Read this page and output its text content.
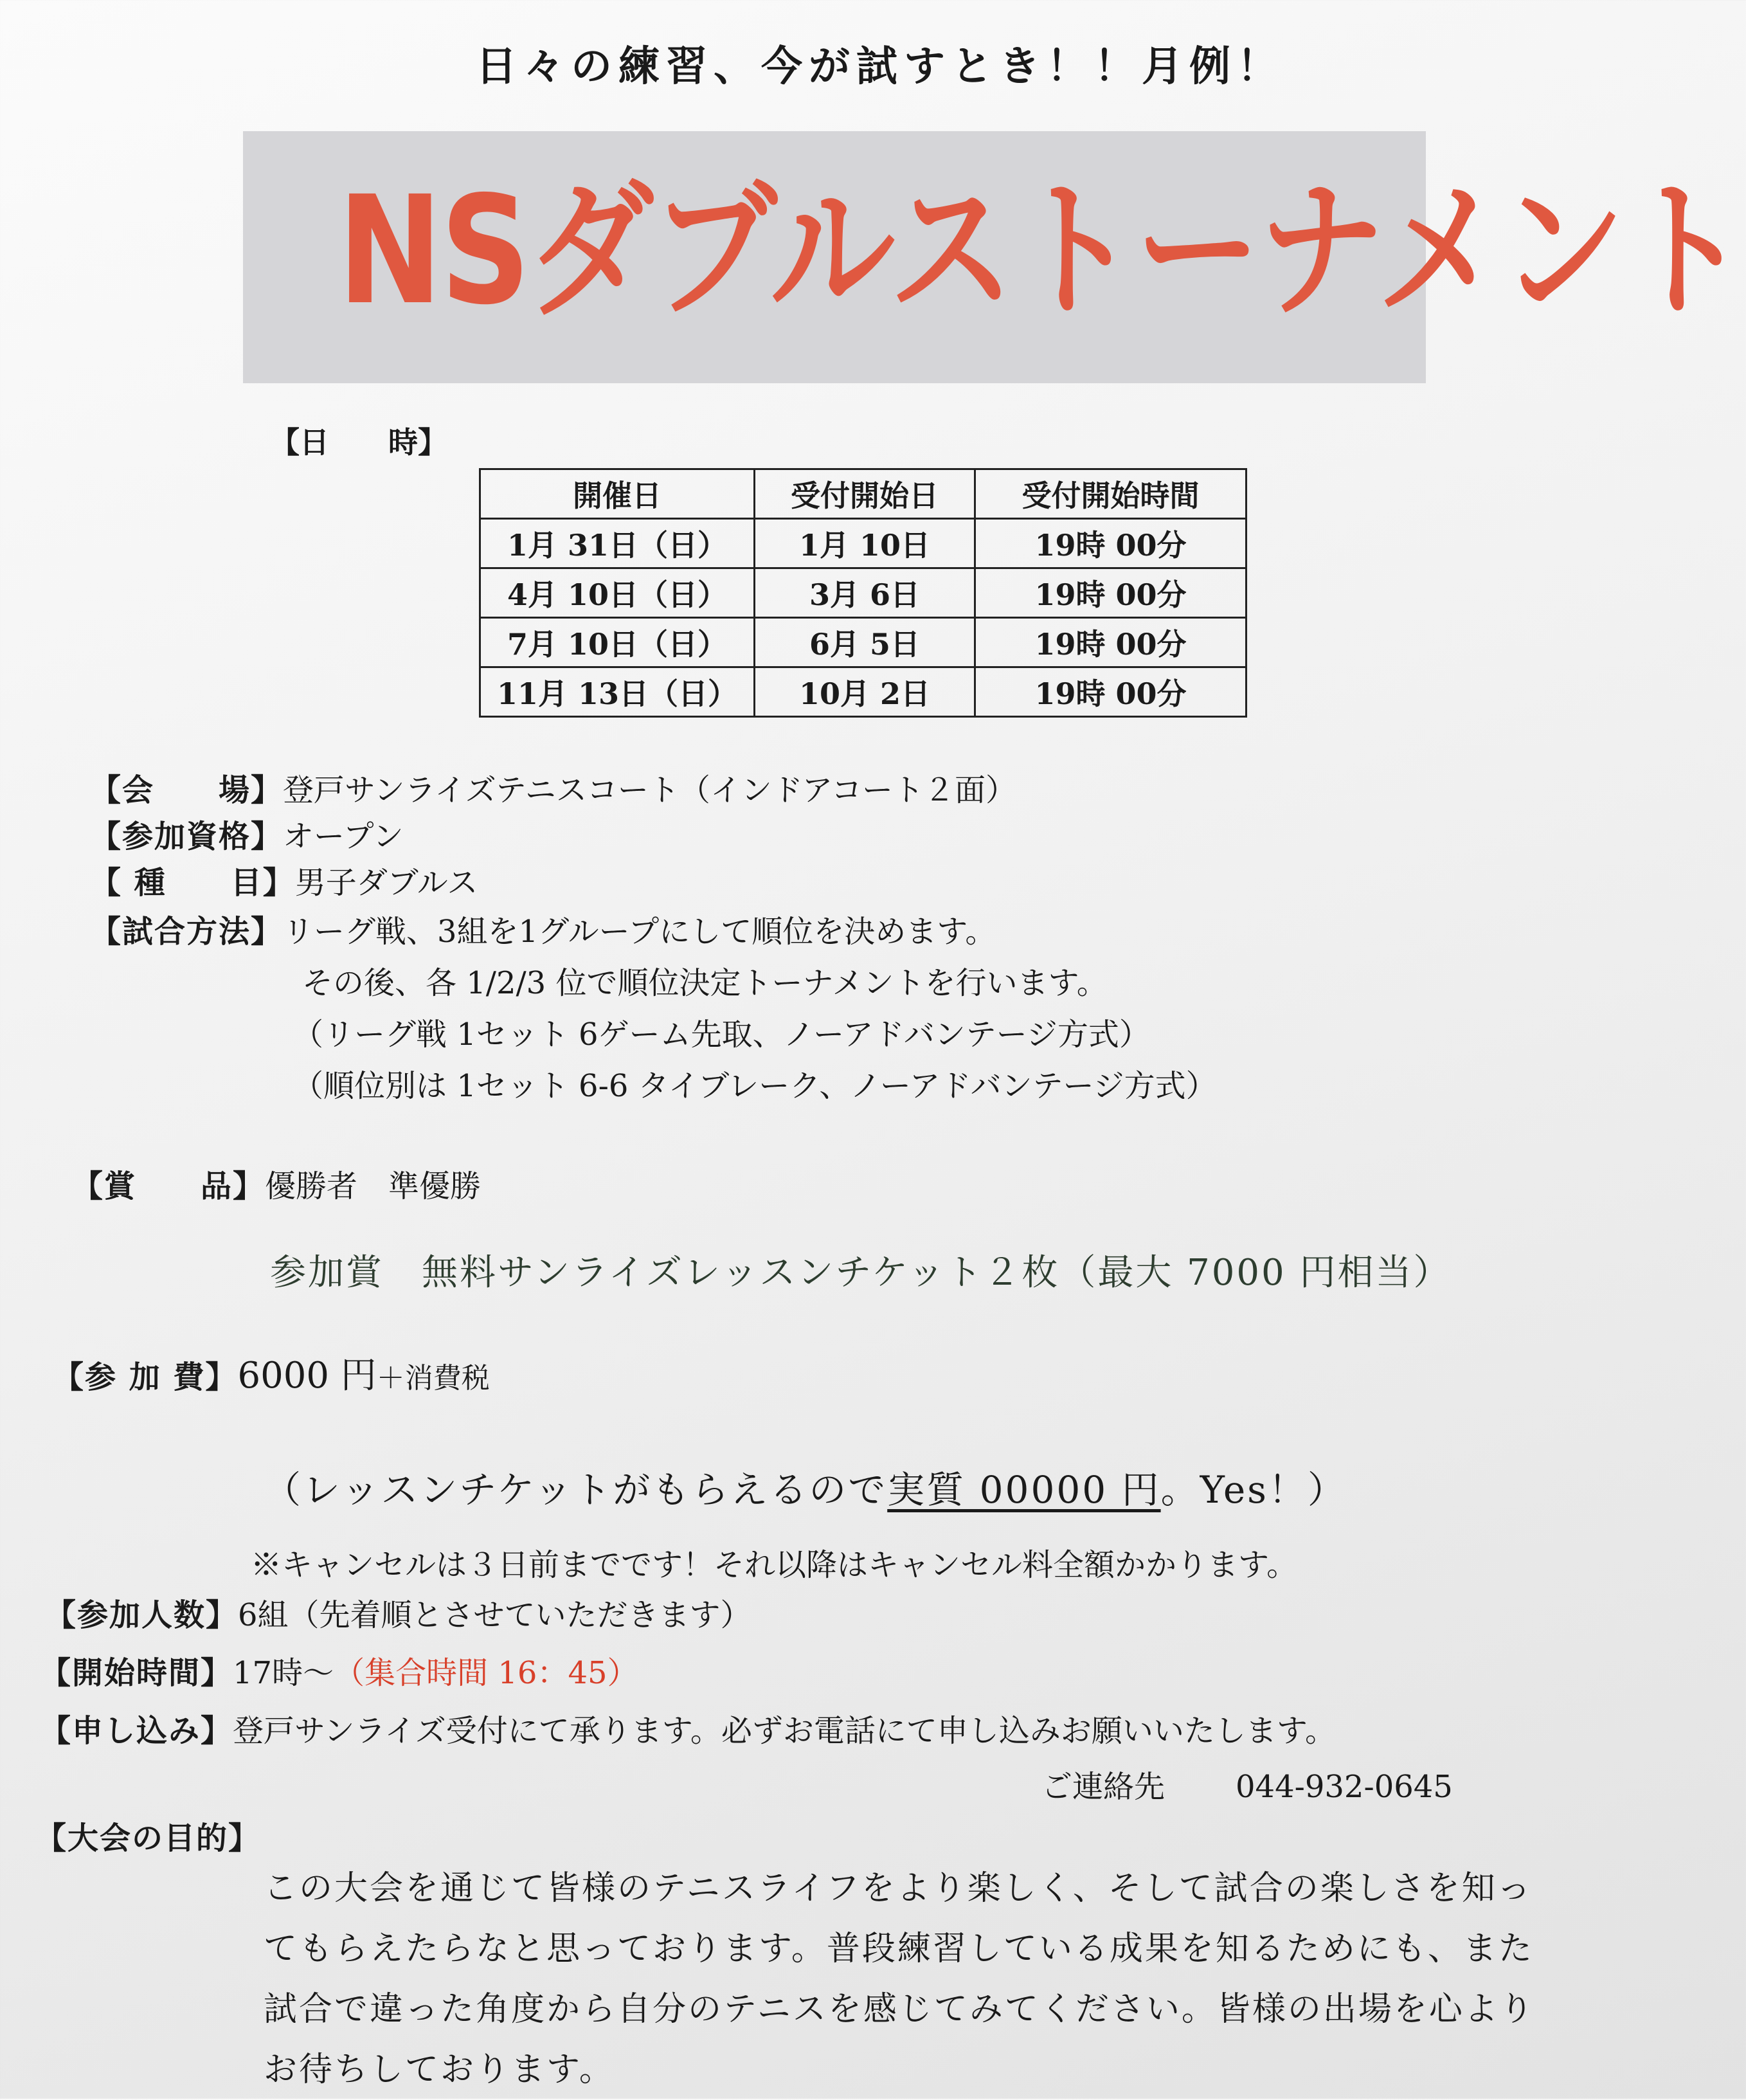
日々の練習、今が試すとき！！月例！
NSダブルストーナメント
【日　　時】
開催日	受付開始日	受付開始時間
1月 31日（日）	1月 10日	19時 00分
4月 10日（日）	3月 6日	19時 00分
7月 10日（日）	6月 5日	19時 00分
11月 13日（日）	10月 2日	19時 00分
【会　　場】登戸サンライズテニスコート（インドアコート２面）
【参加資格】オープン
【 種　　目】男子ダブルス
【試合方法】リーグ戦、3組を1グループにして順位を決めます。
その後、各 1/2/3 位で順位決定トーナメントを行います。
（リーグ戦 1セット 6ゲーム先取、ノーアドバンテージ方式）
（順位別は 1セット 6-6 タイブレーク、ノーアドバンテージ方式）
【賞　　品】優勝者　準優勝
参加賞　無料サンライズレッスンチケット２枚（最大 7000 円相当）
【参 加 費】6000 円＋消費税
（レッスンチケットがもらえるので実質 00000 円。Yes！）
※キャンセルは３日前までです！それ以降はキャンセル料全額かかります。
【参加人数】6組（先着順とさせていただきます）
【開始時間】17時〜（集合時間 16：45）
【申し込み】登戸サンライズ受付にて承ります。必ずお電話にて申し込みお願いいたします。
ご連絡先 044-932-0645
【大会の目的】
この大会を通じて皆様のテニスライフをより楽しく、そして試合の楽しさを知ってもらえたらなと思っております。普段練習している成果を知るためにも、また試合で違った角度から自分のテニスを感じてみてください。皆様の出場を心よりお待ちしております。
